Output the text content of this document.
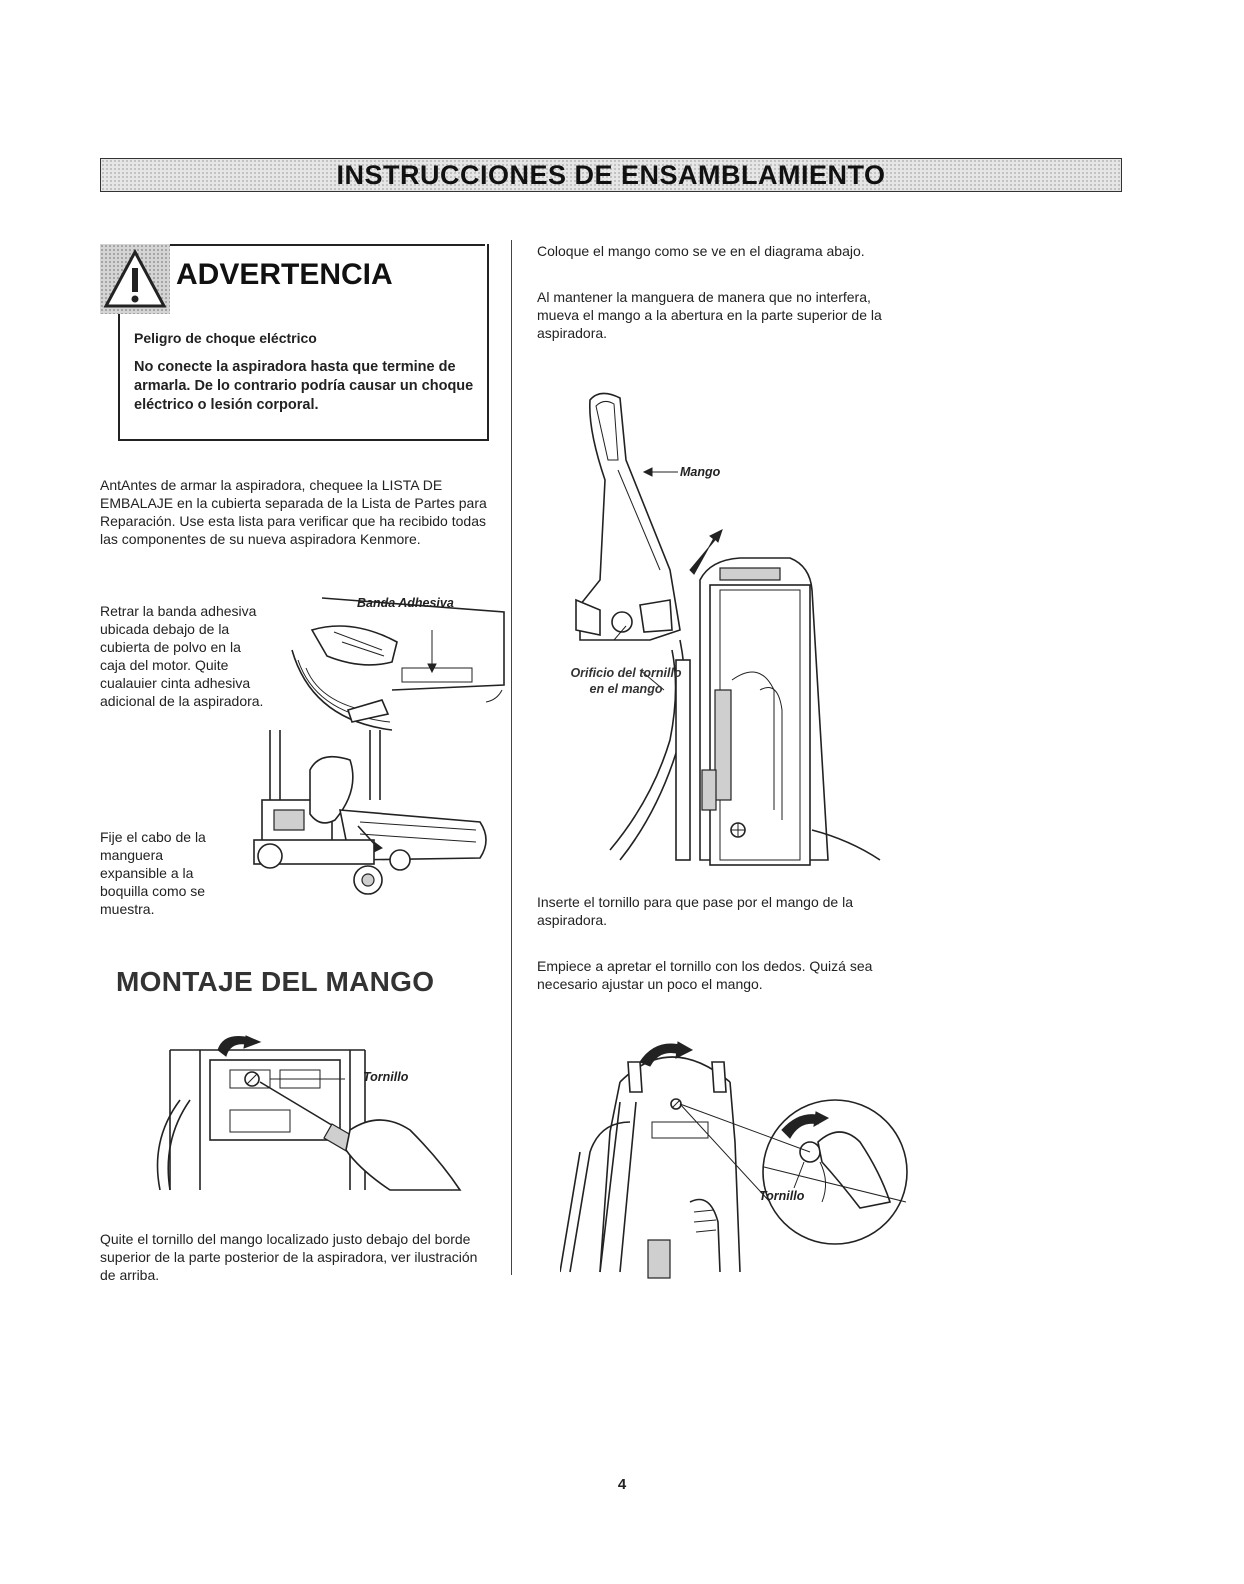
INSTRUCCIONES DE ENSAMBLAMIENTO
ADVERTENCIA
Peligro de choque eléctrico
No conecte la aspiradora hasta que termine de armarla. De lo contrario podría causar un choque eléctrico o lesión corporal.
AntAntes de armar la aspiradora, chequee la LISTA DE EMBALAJE en la cubierta separada de la Lista de Partes para Reparación. Use esta lista para verificar que ha recibido todas las componentes de su nueva aspiradora Kenmore.
Retrar la banda adhesiva ubicada debajo de la cubierta de polvo en la caja del motor. Quite cualauier cinta adhesiva adicional de la aspiradora.
Banda Adhesiva
Fije el cabo de la manguera expansible a la boquilla como se muestra.
MONTAJE DEL MANGO
Tornillo
Quite el tornillo del mango localizado justo debajo del borde superior de la parte posterior de la aspiradora, ver ilustración de arriba.
Coloque el mango como se ve en el diagrama abajo.
Al mantener la manguera de manera que no interfera, mueva el mango a la abertura en la parte superior de la aspiradora.
Mango
Orificio del tornillo en el mango
Inserte el tornillo para que pase por el mango de la aspiradora.
Empiece a apretar el tornillo con los dedos. Quizá sea necesario ajustar un poco el mango.
Tornillo
4
